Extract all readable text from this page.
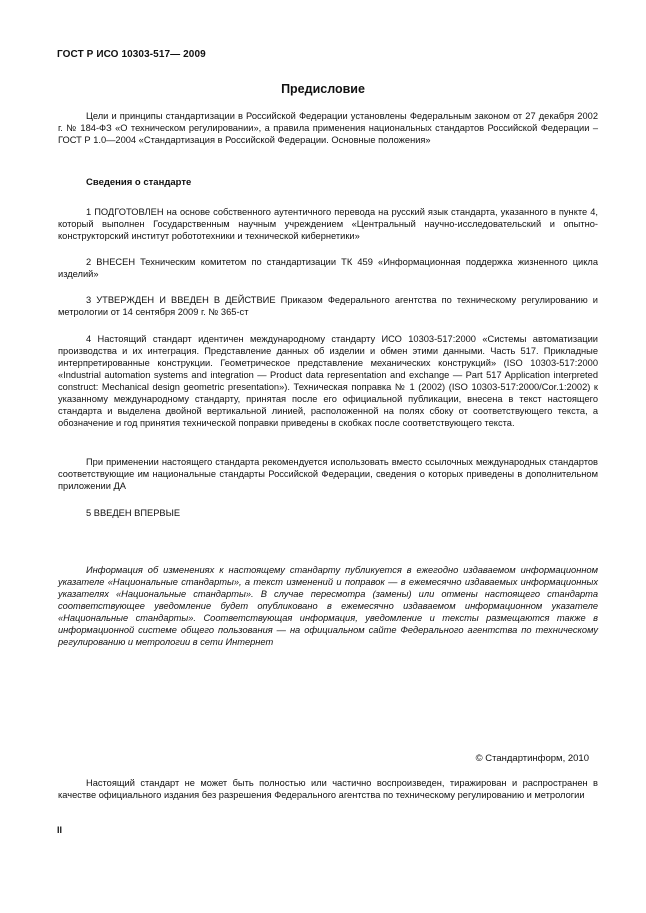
ГОСТ Р ИСО 10303-517— 2009
Предисловие

Цели и принципы стандартизации в Российской Федерации установлены Федеральным законом от 27 декабря 2002 г. № 184-ФЗ «О техническом регулировании», а правила применения национальных стандартов Российской Федерации – ГОСТ Р 1.0—2004 «Стандартизация в Российской Федерации. Основные положения»

Сведения о стандарте

1 ПОДГОТОВЛЕН на основе собственного аутентичного перевода на русский язык стандарта, указанного в пункте 4, который выполнен Государственным научным учреждением «Центральный научно-исследовательский и опытно-конструкторский институт робототехники и технической кибернетики»

2 ВНЕСЕН Техническим комитетом по стандартизации ТК 459 «Информационная поддержка жизненного цикла изделий»

3 УТВЕРЖДЕН И ВВЕДЕН В ДЕЙСТВИЕ Приказом Федерального агентства по техническому регулированию и метрологии от 14 сентября 2009 г. № 365-ст

4 Настоящий стандарт идентичен международному стандарту ИСО 10303-517:2000 «Системы автоматизации производства и их интеграция. Представление данных об изделии и обмен этими данными. Часть 517. Прикладные интерпретированные конструкции. Геометрическое представление механических конструкций» (ISO 10303-517:2000 «Industrial automation systems and integration — Product data representation and exchange — Part 517 Application interpreted construct: Mechanical design geometric presentation»). Техническая поправка № 1 (2002) (ISO 10303-517:2000/Cor.1:2002) к указанному международному стандарту, принятая после его официальной публикации, внесена в текст настоящего стандарта и выделена двойной вертикальной линией, расположенной на полях сбоку от соответствующего текста, а обозначение и год принятия технической поправки приведены в скобках после соответствующего текста.

При применении настоящего стандарта рекомендуется использовать вместо ссылочных международных стандартов соответствующие им национальные стандарты Российской Федерации, сведения о которых приведены в дополнительном приложении ДА

5 ВВЕДЕН ВПЕРВЫЕ

Информация об изменениях к настоящему стандарту публикуется в ежегодно издаваемом информационном указателе «Национальные стандарты», а текст изменений и поправок — в ежемесячно издаваемых информационных указателях «Национальные стандарты». В случае пересмотра (замены) или отмены настоящего стандарта соответствующее уведомление будет опубликовано в ежемесячно издаваемом информационном указателе «Национальные стандарты». Соответствующая информация, уведомление и тексты размещаются также в информационной системе общего пользования — на официальном сайте Федерального агентства по техническому регулированию и метрологии в сети Интернет

© Стандартинформ, 2010

Настоящий стандарт не может быть полностью или частично воспроизведен, тиражирован и распространен в качестве официального издания без разрешения Федерального агентства по техническому регулированию и метрологии

II
